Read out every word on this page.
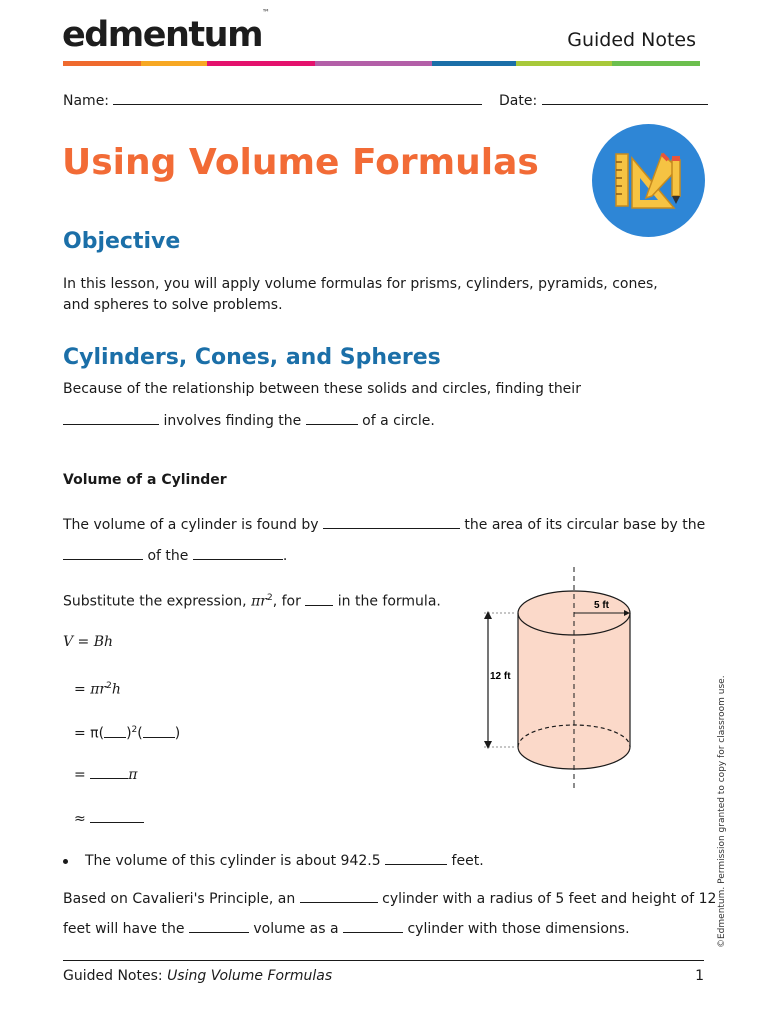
edmentum™
Guided Notes
Name:	Date:
Using Volume Formulas
Objective
In this lesson, you will apply volume formulas for prisms, cylinders, pyramids, cones, and spheres to solve problems.
Cylinders, Cones, and Spheres
Because of the relationship between these solids and circles, finding their
involves finding the	of a circle.
Volume of a Cylinder
The volume of a cylinder is found by	the area of its circular base by the
of the	.
Substitute the expression, $\pi r^2$, for	in the formula.
V = Bh
= $\pi r^2h$
= π( )$^2$( )
=	π
≈
The volume of this cylinder is about 942.5	feet.
Based on Cavalieri's Principle, an	cylinder with a radius of 5 feet and height of 12
feet will have the	volume as a	cylinder with those dimensions.
5 ft
12 ft	©Edmentum. Permission granted to copy for classroom use.
Guided Notes: Using Volume Formulas	1
